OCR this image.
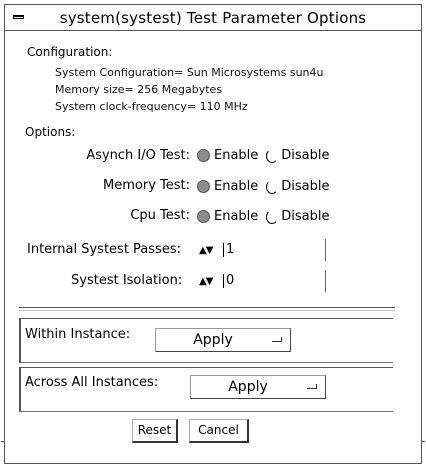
system(systest) Test Parameter Options
Configuration:
System Configuration= Sun Microsystems sun4u
Memory size= 256 Megabytes
System clock-frequency= 110 MHz
Options:
Asynch I/O Test: Enable Disable
Memory Test: Enable Disable
Cpu Test: Enable Disable
Internal Systest Passes: ▲▼ 1
Systest Isolation: ▲▼ 0
Within Instance:	Apply
Across All Instances:	Apply
Reset	Cancel
